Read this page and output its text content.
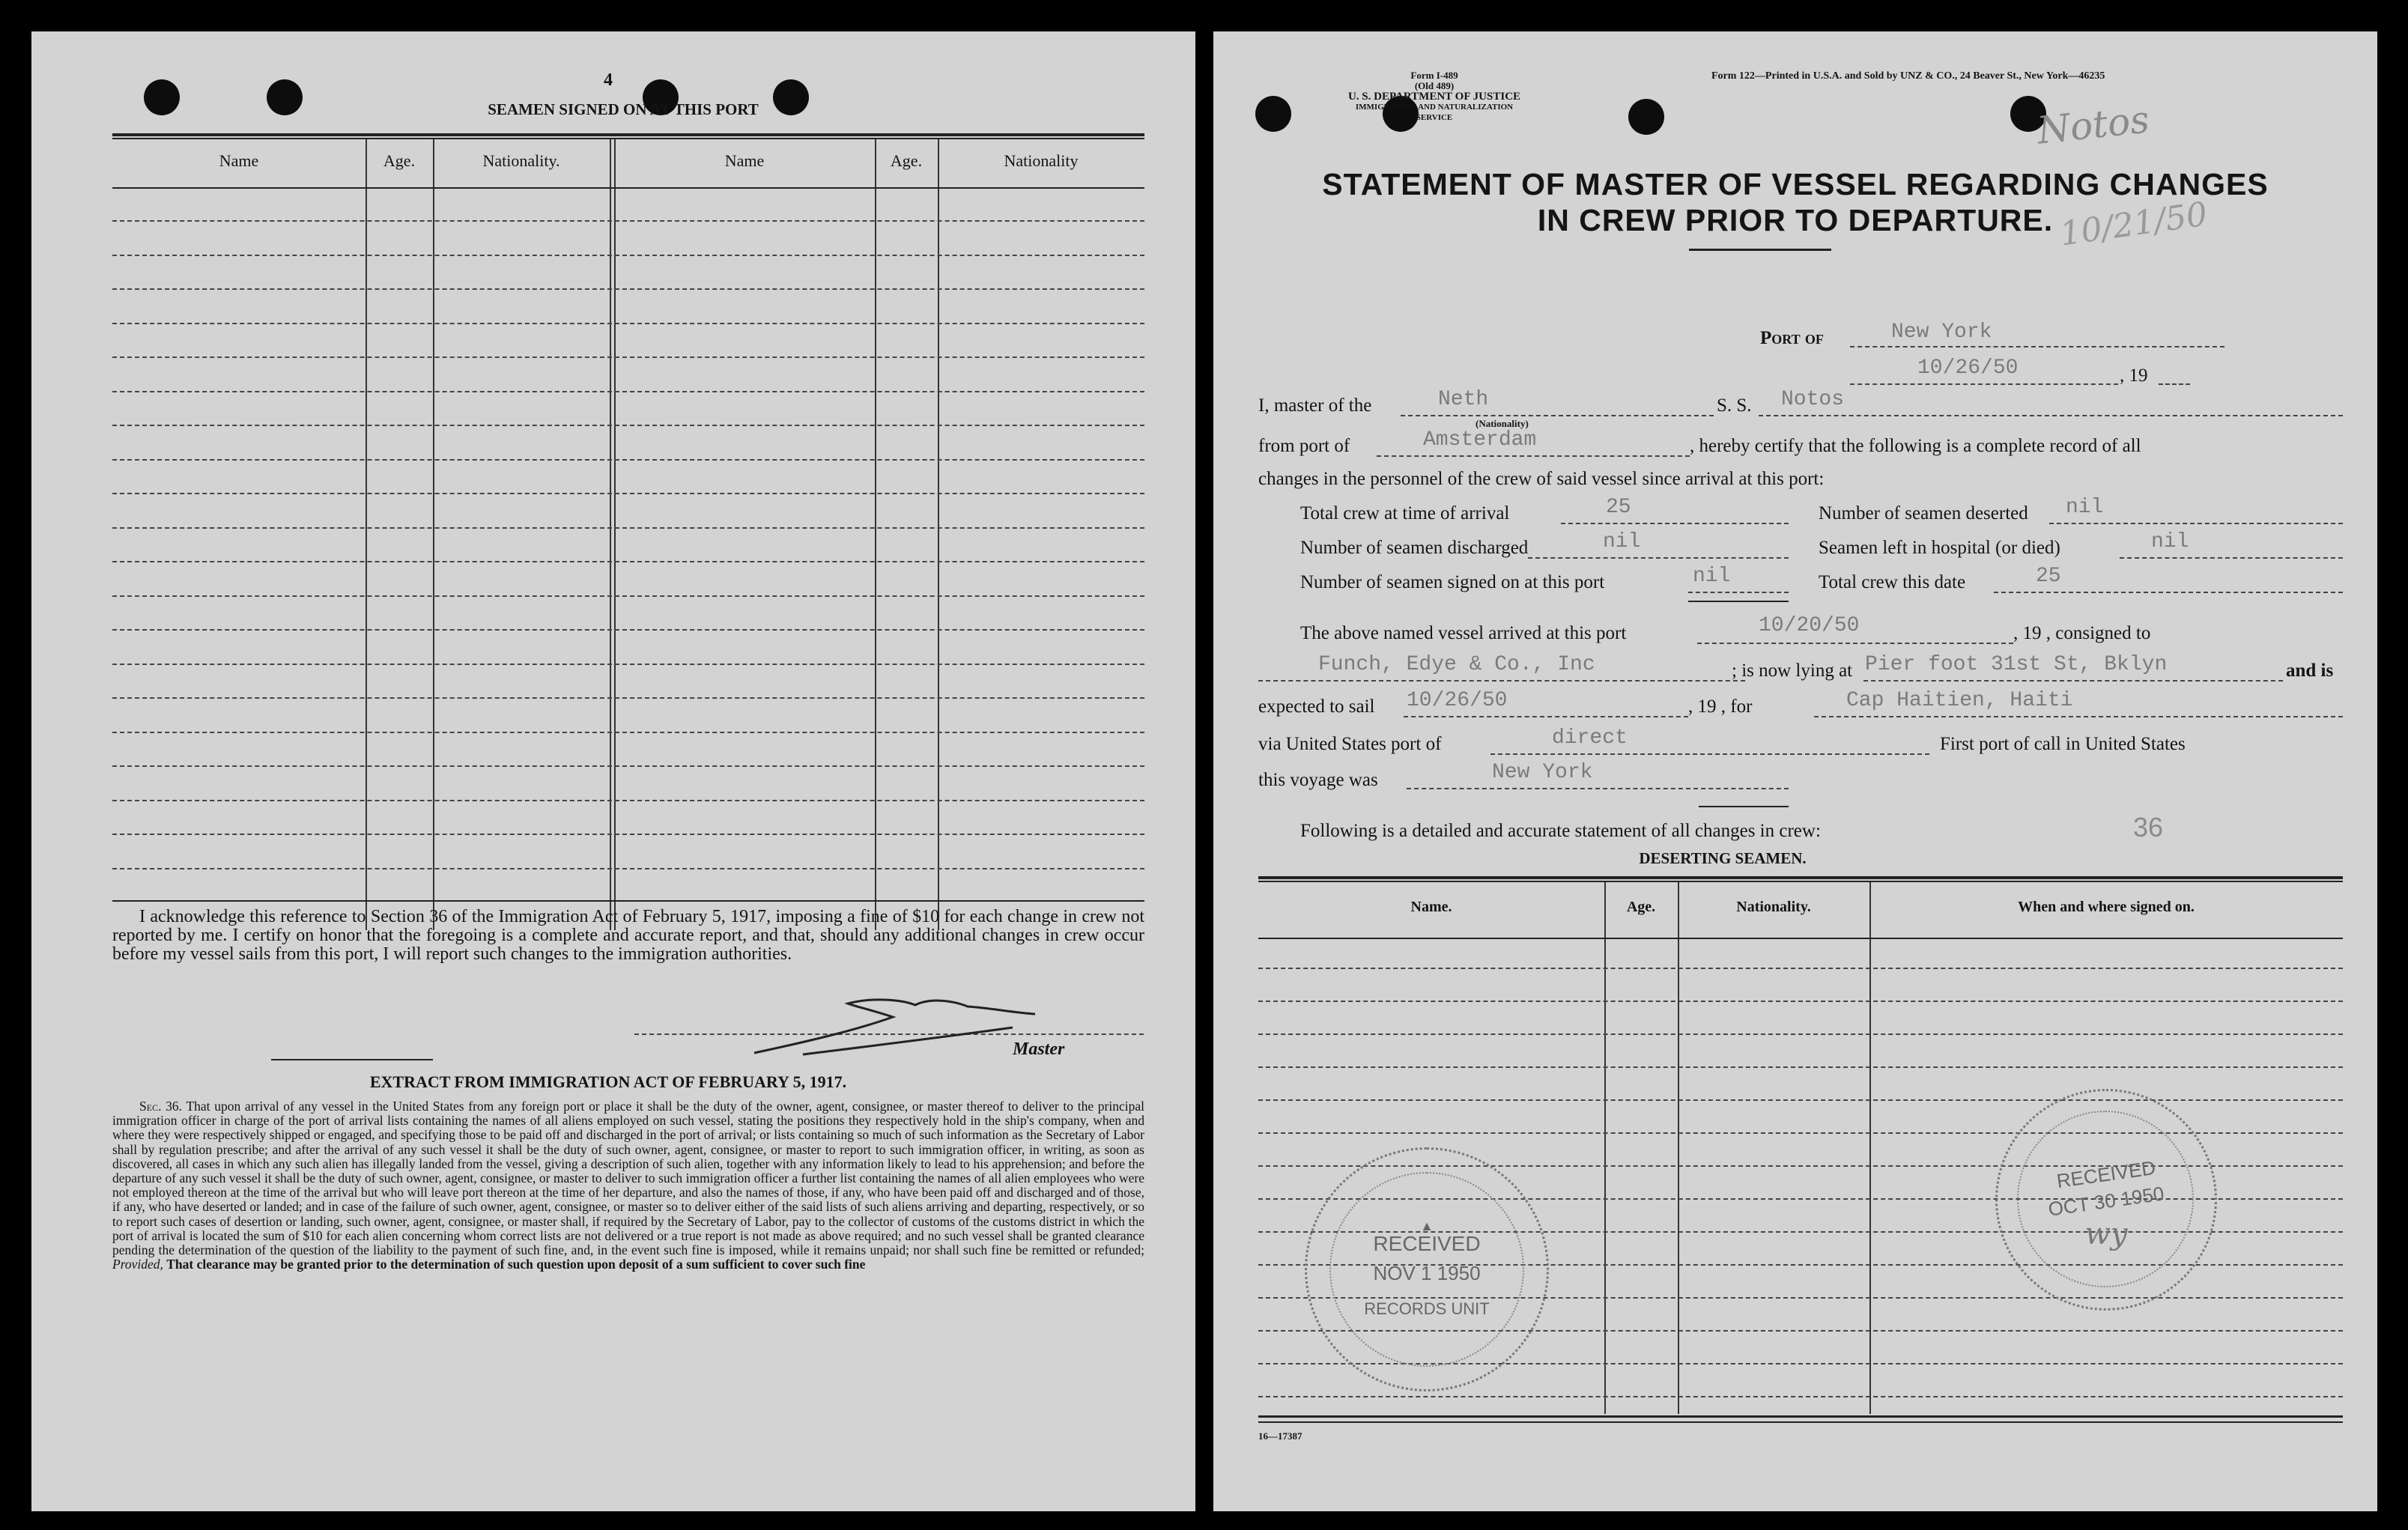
4
SEAMEN SIGNED ON AT THIS PORT
Name	Age.	Nationality.	Name	Age.	Nationality
I acknowledge this reference to Section 36 of the Immigration Act of February 5, 1917, imposing a fine of $10 for each change in crew not reported by me. I certify on honor that the foregoing is a complete and accurate report, and that, should any additional changes in crew occur before my vessel sails from this port, I will report such changes to the immigration authorities.
Master
EXTRACT FROM IMMIGRATION ACT OF FEBRUARY 5, 1917.
Sec. 36. That upon arrival of any vessel in the United States from any foreign port or place it shall be the duty of the owner, agent, consignee, or master thereof to deliver to the principal immigration officer in charge of the port of arrival lists containing the names of all aliens employed on such vessel, stating the positions they respectively hold in the ship's company, when and where they were respectively shipped or engaged, and specifying those to be paid off and discharged in the port of arrival; or lists containing so much of such information as the Secretary of Labor shall by regulation prescribe; and after the arrival of any such vessel it shall be the duty of such owner, agent, consignee, or master to report to such immigration officer, in writing, as soon as discovered, all cases in which any such alien has illegally landed from the vessel, giving a description of such alien, together with any information likely to lead to his apprehension; and before the departure of any such vessel it shall be the duty of such owner, agent, consignee, or master to deliver to such immigration officer a further list containing the names of all alien employees who were not employed thereon at the time of the arrival but who will leave port thereon at the time of her departure, and also the names of those, if any, who have been paid off and discharged and of those, if any, who have deserted or landed; and in case of the failure of such owner, agent, consignee, or master so to deliver either of the said lists of such aliens arriving and departing, respectively, or so to report such cases of desertion or landing, such owner, agent, consignee, or master shall, if required by the Secretary of Labor, pay to the collector of customs of the customs district in which the port of arrival is located the sum of $10 for each alien concerning whom correct lists are not delivered or a true report is not made as above required; and no such vessel shall be granted clearance pending the determination of the question of the liability to the payment of such fine, and, in the event such fine is imposed, while it remains unpaid; nor shall such fine be remitted or refunded; Provided, That clearance may be granted prior to the determination of such question upon deposit of a sum sufficient to cover such fine
Form I-489
(Old 489)
U. S. DEPARTMENT OF JUSTICE
IMMIGRATION AND NATURALIZATION SERVICE
Form 122—Printed in U.S.A. and Sold by UNZ & CO., 24 Beaver St., New York—46235
Notos
10/21/50
STATEMENT OF MASTER OF VESSEL REGARDING CHANGES
IN CREW PRIOR TO DEPARTURE.
Port of	New York
10/26/50	, 19
I, master of the	Neth
(Nationality)
S. S. Notos
from port of	Amsterdam	, hereby certify that the following is a complete record of all
changes in the personnel of the crew of said vessel since arrival at this port:
Total crew at time of arrival	25	Number of seamen deserted nil
Number of seamen discharged	nil	Seamen left in hospital (or died)	nil
Number of seamen signed on at this port	nil	Total crew this date	25
The above named vessel arrived at this port	10/20/50	, 19 , consigned to
Funch, Edye & Co., Inc	; is now lying at Pier foot 31st St, Bklyn	and is
expected to sail 10/26/50	, 19 , for	Cap Haitien, Haiti
via United States port of	direct	First port of call in United States
this voyage was	New York
Following is a detailed and accurate statement of all changes in crew:	36
DESERTING SEAMEN.
Name.	Age.	Nationality.	When and where signed on.
16—17387
RECEIVED
OCT 30 1950
wy
▲
RECEIVED
NOV 1 1950
RECORDS UNIT
